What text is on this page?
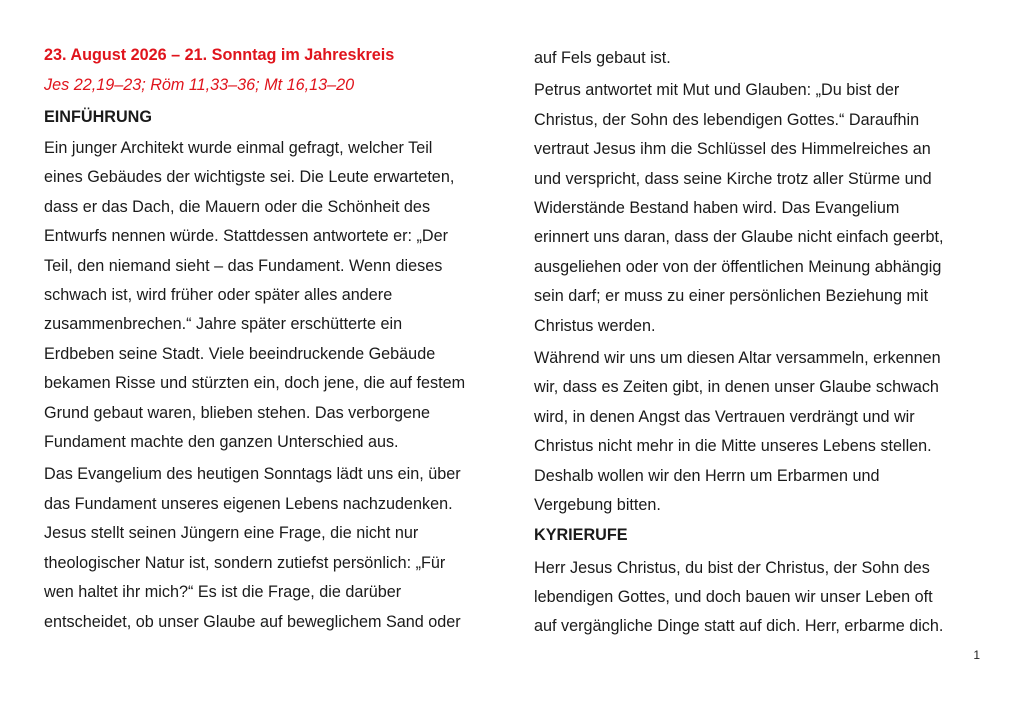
23. August 2026 – 21. Sonntag im Jahreskreis
Jes 22,19–23; Röm 11,33–36; Mt 16,13–20
EINFÜHRUNG

Ein junger Architekt wurde einmal gefragt, welcher Teil
eines Gebäudes der wichtigste sei. Die Leute erwarteten,
dass er das Dach, die Mauern oder die Schönheit des
Entwurfs nennen würde. Stattdessen antwortete er: „Der
Teil, den niemand sieht – das Fundament. Wenn dieses
schwach ist, wird früher oder später alles andere
zusammenbrechen.“ Jahre später erschütterte ein
Erdbeben seine Stadt. Viele beeindruckende Gebäude
bekamen Risse und stürzten ein, doch jene, die auf festem
Grund gebaut waren, blieben stehen. Das verborgene
Fundament machte den ganzen Unterschied aus.

Das Evangelium des heutigen Sonntags lädt uns ein, über
das Fundament unseres eigenen Lebens nachzudenken.
Jesus stellt seinen Jüngern eine Frage, die nicht nur
theologischer Natur ist, sondern zutiefst persönlich: „Für
wen haltet ihr mich?“ Es ist die Frage, die darüber
entscheidet, ob unser Glaube auf beweglichem Sand oder

auf Fels gebaut ist.

Petrus antwortet mit Mut und Glauben: „Du bist der
Christus, der Sohn des lebendigen Gottes.“ Daraufhin
vertraut Jesus ihm die Schlüssel des Himmelreiches an
und verspricht, dass seine Kirche trotz aller Stürme und
Widerstände Bestand haben wird. Das Evangelium
erinnert uns daran, dass der Glaube nicht einfach geerbt,
ausgeliehen oder von der öffentlichen Meinung abhängig
sein darf; er muss zu einer persönlichen Beziehung mit
Christus werden.

Während wir uns um diesen Altar versammeln, erkennen
wir, dass es Zeiten gibt, in denen unser Glaube schwach
wird, in denen Angst das Vertrauen verdrängt und wir
Christus nicht mehr in die Mitte unseres Lebens stellen.
Deshalb wollen wir den Herrn um Erbarmen und
Vergebung bitten.

KYRIERUFE

Herr Jesus Christus, du bist der Christus, der Sohn des
lebendigen Gottes, und doch bauen wir unser Leben oft
auf vergängliche Dinge statt auf dich. Herr, erbarme dich.

1
